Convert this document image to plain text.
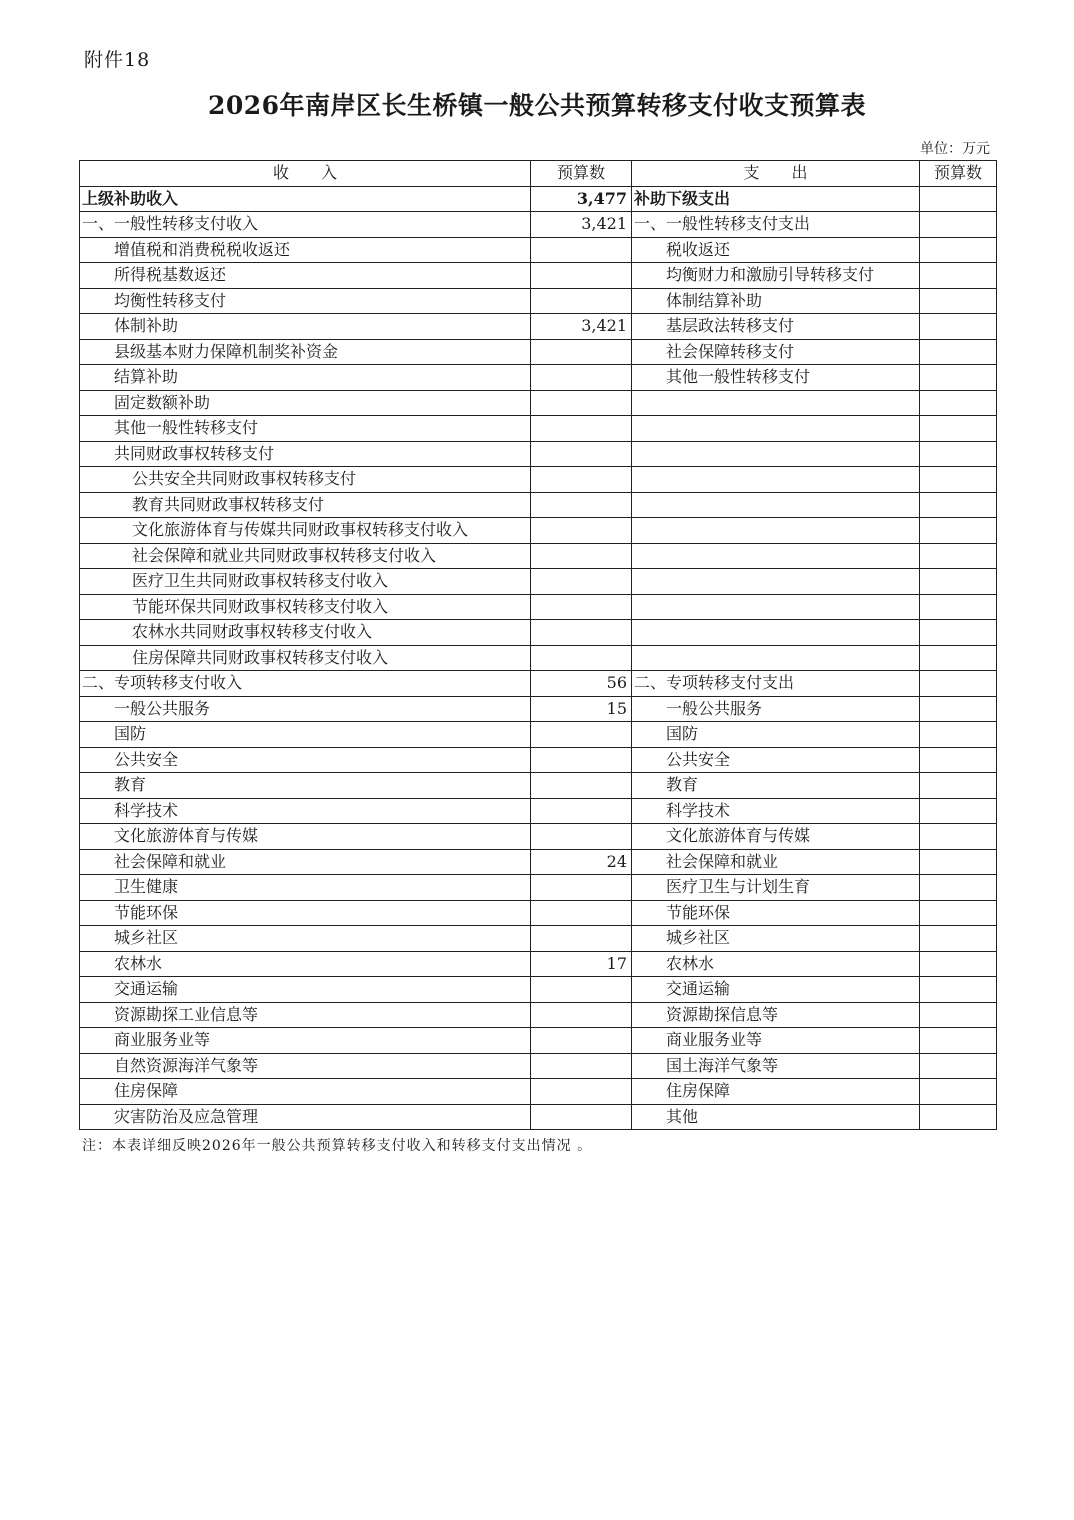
附件18
2026年南岸区长生桥镇一般公共预算转移支付收支预算表
单位：万元
收　　入	预算数	支　　出	预算数
上级补助收入	3,477	补助下级支出	
一、一般性转移支付收入	3,421	一、一般性转移支付支出	
增值税和消费税税收返还		税收返还	
所得税基数返还		均衡财力和激励引导转移支付	
均衡性转移支付		体制结算补助	
体制补助	3,421	基层政法转移支付	
县级基本财力保障机制奖补资金		社会保障转移支付	
结算补助		其他一般性转移支付	
固定数额补助			
其他一般性转移支付			
共同财政事权转移支付			
公共安全共同财政事权转移支付			
教育共同财政事权转移支付			
文化旅游体育与传媒共同财政事权转移支付收入			
社会保障和就业共同财政事权转移支付收入			
医疗卫生共同财政事权转移支付收入			
节能环保共同财政事权转移支付收入			
农林水共同财政事权转移支付收入			
住房保障共同财政事权转移支付收入			
二、专项转移支付收入	56	二、专项转移支付支出	
一般公共服务	15	一般公共服务	
国防		国防	
公共安全		公共安全	
教育		教育	
科学技术		科学技术	
文化旅游体育与传媒		文化旅游体育与传媒	
社会保障和就业	24	社会保障和就业	
卫生健康		医疗卫生与计划生育	
节能环保		节能环保	
城乡社区		城乡社区	
农林水	17	农林水	
交通运输		交通运输	
资源勘探工业信息等		资源勘探信息等	
商业服务业等		商业服务业等	
自然资源海洋气象等		国土海洋气象等	
住房保障		住房保障	
灾害防治及应急管理		其他	
注：本表详细反映2026年一般公共预算转移支付收入和转移支付支出情况 。
